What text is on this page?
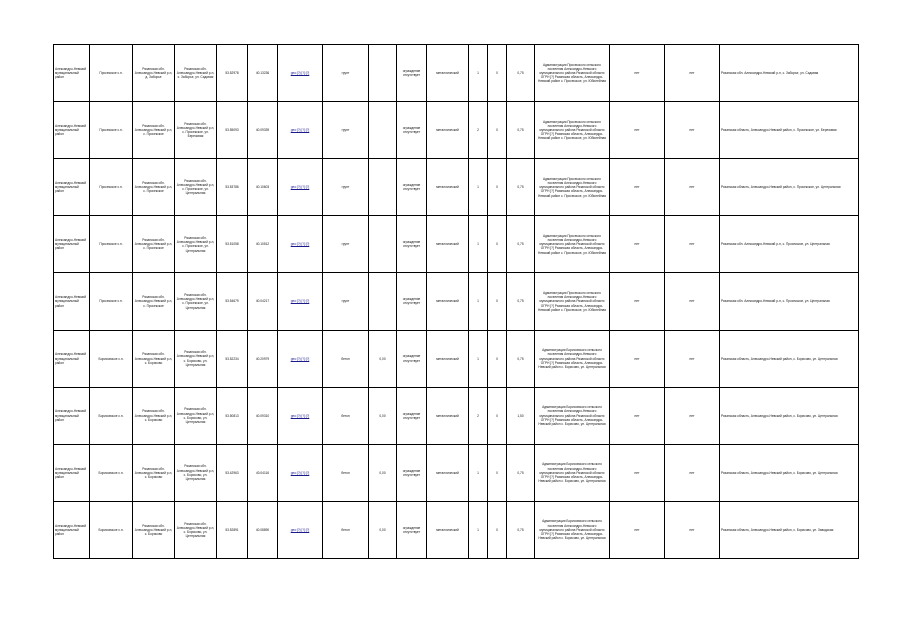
Александро-Невский муниципальный район	Просекское с.п.	Рязанская обл. Александро-Невский р-н, д. Заборье	Рязанская обл. Александро-Невский р-н, с. Заборье, ул. Садовая	53.52978	40.13236	geo:[?]:[?]:[?]	грунт		ограждение отсутствует	металлический	1	0	0,75	Администрация Просекского сельского поселения Александро-Невского муниципального района Рязанской области ОГРН [?] Рязанская область, Александро-Невский район с. Просекское, ул. Юбилейная	нет	нет	Рязанская обл. Александро-Невский р-н, с. Заборье, ул. Садовая
Александро-Невский муниципальный район	Просекское с.п.	Рязанская обл. Александро-Невский р-н, с. Просекское	Рязанская обл. Александро-Невский р-н, с. Просекское, ул. Березовая	53.55093	40.09339	geo:[?]:[?]:[?]	грунт		ограждение отсутствует	металлический	2	0	0,75	Администрация Просекского сельского поселения Александро-Невского муниципального района Рязанской области ОГРН [?] Рязанская область, Александро-Невский район с. Просекское, ул. Юбилейная	нет	нет	Рязанская область, Александро-Невский район, с. Просекское, ул. Березовая
Александро-Невский муниципальный район	Просекское с.п.	Рязанская обл. Александро-Невский р-н, с. Просекское	Рязанская обл. Александро-Невский р-н, с. Просекское, ул. Центральная	53.53786	40.10603	geo:[?]:[?]:[?]	грунт		ограждение отсутствует	металлический	1	0	0,75	Администрация Просекского сельского поселения Александро-Невского муниципального района Рязанской области ОГРН [?] Рязанская область, Александро-Невский район с. Просекское, ул. Юбилейная	нет	нет	Рязанская область, Александро-Невский район, с. Просекское, ул. Центральная
Александро-Невский муниципальный район	Просекское с.п.	Рязанская обл. Александро-Невский р-н, с. Просекское	Рязанская обл. Александро-Невский р-н, с. Просекское, ул. Центральная	53.51058	40.10512	geo:[?]:[?]:[?]	грунт		ограждение отсутствует	металлический	1	0	0,75	Администрация Просекского сельского поселения Александро-Невского муниципального района Рязанской области ОГРН [?] Рязанская область, Александро-Невский район с. Просекское, ул. Юбилейная	нет	нет	Рязанская обл. Александро-Невский р-н, с. Просекское, ул. Центральная
Александро-Невский муниципальный район	Просекское с.п.	Рязанская обл. Александро-Невский р-н, с. Просекское	Рязанская обл. Александро-Невский р-н, с. Просекское, ул. Центральная	53.54679	40.04217	geo:[?]:[?]:[?]	грунт		ограждение отсутствует	металлический	1	0	0,75	Администрация Просекского сельского поселения Александро-Невского муниципального района Рязанской области ОГРН [?] Рязанская область, Александро-Невский район с. Просекское, ул. Юбилейная	нет	нет	Рязанская обл. Александро-Невский р-н, с. Просекское, ул. Центральная
Александро-Невский муниципальный район	Борисовское с.п.	Рязанская обл. Александро-Невский р-н, с. Борисово	Рязанская обл. Александро-Невский р-н, с. Борисово, ул. Центральная	53.52234	40.20979	geo:[?]:[?]:[?]	бетон	0,00	ограждение отсутствует	металлический	1	0	0,75	Администрация Борисовского сельского поселения Александро-Невского муниципального района Рязанской области ОГРН [?] Рязанская область, Александро-Невский район с. Борисово, ул. Центральная	нет	нет	Рязанская область, Александро-Невский район, с. Борисово, ул. Центральная
Александро-Невский муниципальный район	Борисовское с.п.	Рязанская обл. Александро-Невский р-н, с. Борисово	Рязанская обл. Александро-Невский р-н, с. Борисово, ул. Центральная	53.50813	40.09310	geo:[?]:[?]:[?]	бетон	0,00	ограждение отсутствует	металлический	2	0	1,50	Администрация Борисовского сельского поселения Александро-Невского муниципального района Рязанской области ОГРН [?] Рязанская область, Александро-Невский район с. Борисово, ул. Центральная	нет	нет	Рязанская область, Александро-Невский район, с. Борисово, ул. Центральная
Александро-Невский муниципальный район	Борисовское с.п.	Рязанская обл. Александро-Невский р-н, с. Борисово	Рязанская обл. Александро-Невский р-н, с. Борисово, ул. Центральная	53.42963	40.04116	geo:[?]:[?]:[?]	бетон	0,00	ограждение отсутствует	металлический	1	0	0,75	Администрация Борисовского сельского поселения Александро-Невского муниципального района Рязанской области ОГРН [?] Рязанская область, Александро-Невский район с. Борисово, ул. Центральная	нет	нет	Рязанская область, Александро-Невский район, с. Борисово, ул. Центральная
Александро-Невский муниципальный район	Борисовское с.п.	Рязанская обл. Александро-Невский р-н, с. Борисово	Рязанская обл. Александро-Невский р-н, с. Борисово, ул. Центральная	53.52891	40.08890	geo:[?]:[?]:[?]	бетон	0,00	ограждение отсутствует	металлический	1	0	0,75	Администрация Борисовского сельского поселения Александро-Невского муниципального района Рязанской области ОГРН [?] Рязанская область, Александро-Невский район с. Борисово, ул. Центральная	нет	нет	Рязанская область, Александро-Невский район, с. Борисово, ул. Заводская
